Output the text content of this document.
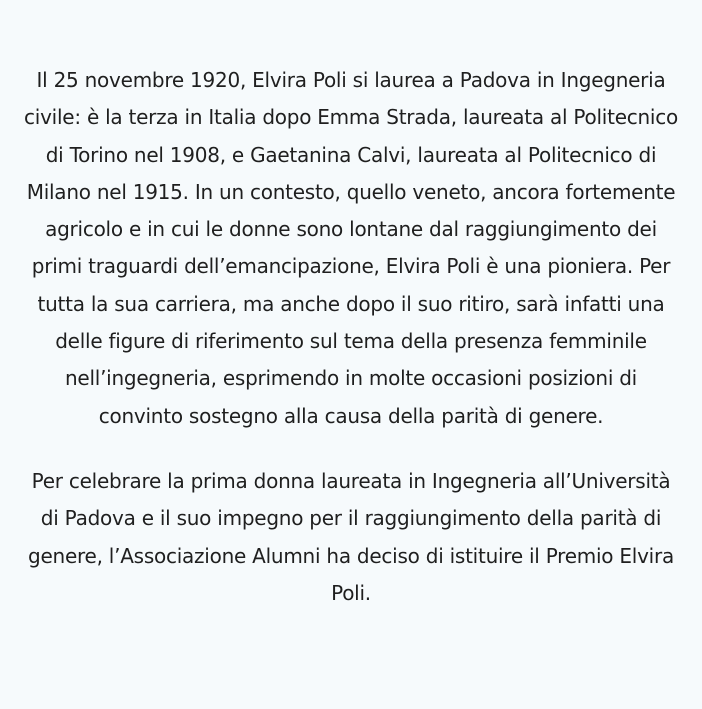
Il 25 novembre 1920, Elvira Poli si laurea a Padova in Ingegneria civile: è la terza in Italia dopo Emma Strada, laureata al Politecnico di Torino nel 1908, e Gaetanina Calvi, laureata al Politecnico di Milano nel 1915. In un contesto, quello veneto, ancora fortemente agricolo e in cui le donne sono lontane dal raggiungimento dei primi traguardi dell’emancipazione, Elvira Poli è una pioniera. Per tutta la sua carriera, ma anche dopo il suo ritiro, sarà infatti una delle figure di riferimento sul tema della presenza femminile nell’ingegneria, esprimendo in molte occasioni posizioni di convinto sostegno alla causa della parità di genere.

Per celebrare la prima donna laureata in Ingegneria all’Università di Padova e il suo impegno per il raggiungimento della parità di genere, l’Associazione Alumni ha deciso di istituire il Premio Elvira Poli.
